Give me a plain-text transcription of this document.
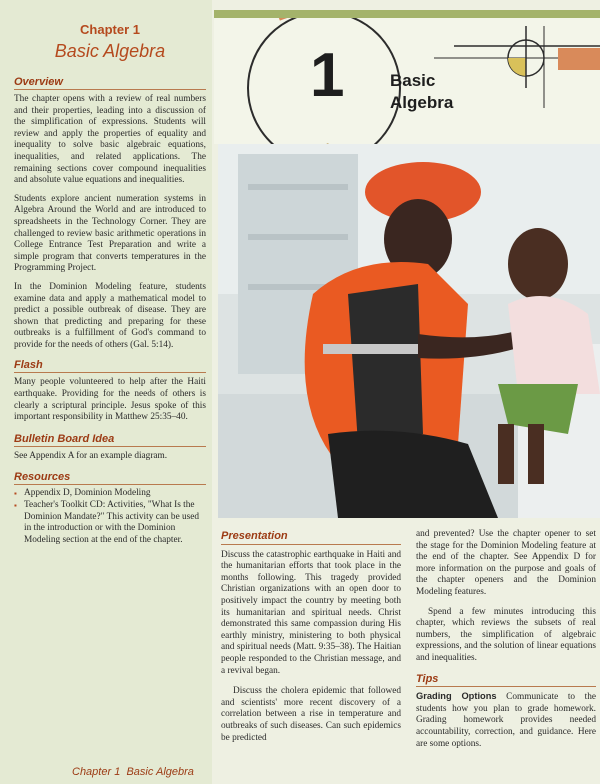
Chapter 1
Basic Algebra
Overview

The chapter opens with a review of real numbers and their properties, leading into a discussion of the simplification of expressions. Students will review and apply the properties of equality and inequality to solve basic algebraic equations, inequalities, and related applications. The remaining sections cover compound inequalities and absolute value equations and inequalities.

Students explore ancient numeration systems in Algebra Around the World and are introduced to spreadsheets in the Technology Corner. They are challenged to review basic arithmetic operations in College Entrance Test Preparation and write a simple program that converts temperatures in the Programming Project.

In the Dominion Modeling feature, students examine data and apply a mathematical model to predict a possible outbreak of disease. They are shown that predicting and preparing for these outbreaks is a fulfillment of God's command to provide for the needs of others (Gal. 5:14).

Flash

Many people volunteered to help after the Haiti earthquake. Providing for the needs of others is clearly a scriptural principle. Jesus spoke of this important responsibility in Matthew 25:35–40.

Bulletin Board Idea

See Appendix A for an example diagram.

Resources
▪ Appendix D, Dominion Modeling
▪ Teacher's Toolkit CD: Activities, "What Is the Dominion Mandate?" This activity can be used in the introduction or with the Dominion Modeling section at the end of the chapter.
1	Basic
Algebra
Presentation

Discuss the catastrophic earthquake in Haiti and the humanitarian efforts that took place in the months following. This tragedy provided Christian organizations with an open door to positively impact the country by meeting both its humanitarian and spiritual needs. Christ demonstrated this same compassion during His earthly ministry, ministering to both physical and spiritual needs (Matt. 9:35–38). The Haitian people responded to the Christian message, and a revival began.

Discuss the cholera epidemic that followed and scientists' more recent discovery of a correlation between a rise in temperature and outbreaks of such diseases. Can such epidemics be predicted

and prevented? Use the chapter opener to set the stage for the Dominion Modeling feature at the end of the chapter. See Appendix D for more information on the purpose and goals of the chapter openers and the Dominion Modeling features.

Spend a few minutes introducing this chapter, which reviews the subsets of real numbers, the simplification of algebraic expressions, and the solution of linear equations and inequalities.

Tips

Grading Options Communicate to the students how you plan to grade homework. Grading homework provides needed accountability, correction, and guidance. Here are some options.

Chapter 1 Basic Algebra
